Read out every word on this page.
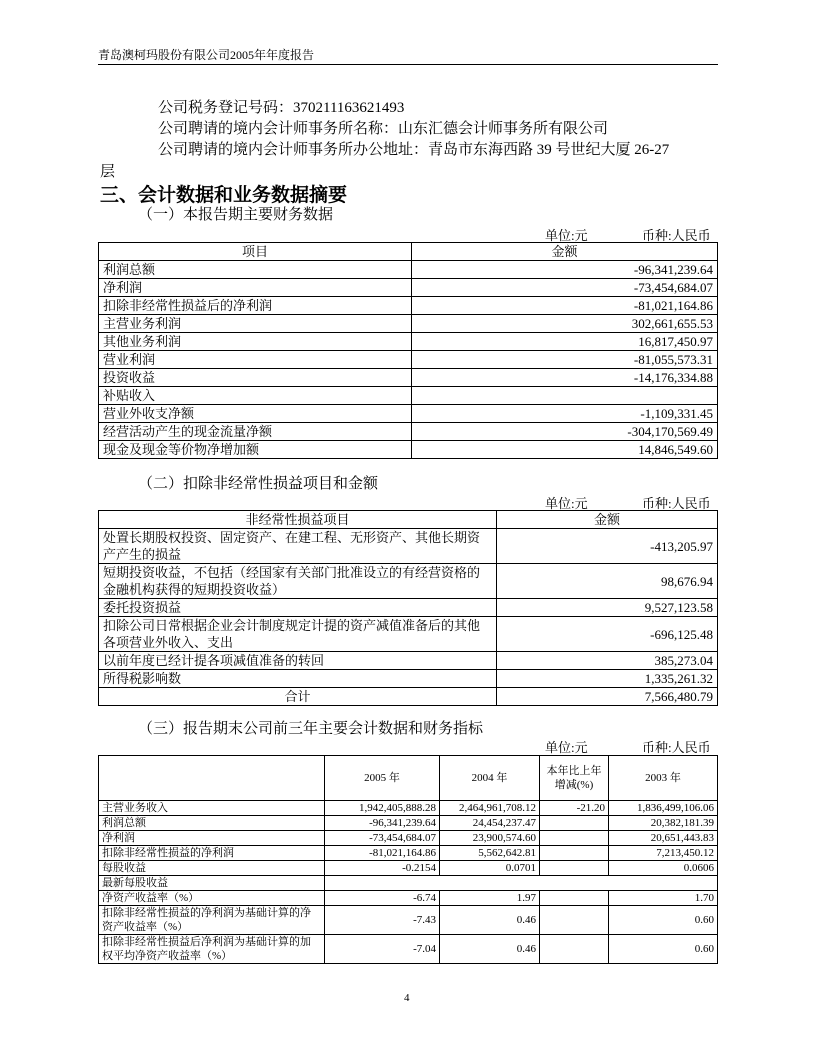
青岛澳柯玛股份有限公司2005年年度报告
公司税务登记号码：370211163621493
公司聘请的境内会计师事务所名称：山东汇德会计师事务所有限公司
公司聘请的境内会计师事务所办公地址：青岛市东海西路 39 号世纪大厦 26-27
层
三、会计数据和业务数据摘要
（一）本报告期主要财务数据
单位:元	币种:人民币
项目	金额
利润总额	-96,341,239.64
净利润	-73,454,684.07
扣除非经常性损益后的净利润	-81,021,164.86
主营业务利润	302,661,655.53
其他业务利润	16,817,450.97
营业利润	-81,055,573.31
投资收益	-14,176,334.88
补贴收入	
营业外收支净额	-1,109,331.45
经营活动产生的现金流量净额	-304,170,569.49
现金及现金等价物净增加额	14,846,549.60
（二）扣除非经常性损益项目和金额
单位:元	币种:人民币
非经常性损益项目	金额
处置长期股权投资、固定资产、在建工程、无形资产、其他长期资产产生的损益	-413,205.97
短期投资收益，不包括（经国家有关部门批准设立的有经营资格的金融机构获得的短期投资收益）	98,676.94
委托投资损益	9,527,123.58
扣除公司日常根据企业会计制度规定计提的资产减值准备后的其他各项营业外收入、支出	-696,125.48
以前年度已经计提各项减值准备的转回	385,273.04
所得税影响数	1,335,261.32
合计	7,566,480.79
（三）报告期末公司前三年主要会计数据和财务指标
单位:元	币种:人民币
	2005 年	2004 年	本年比上年增减(%)	2003 年
主营业务收入	1,942,405,888.28	2,464,961,708.12	-21.20	1,836,499,106.06
利润总额	-96,341,239.64	24,454,237.47		20,382,181.39
净利润	-73,454,684.07	23,900,574.60		20,651,443.83
扣除非经常性损益的净利润	-81,021,164.86	5,562,642.81		7,213,450.12
每股收益	-0.2154	0.0701		0.0606
最新每股收益				
净资产收益率（%）	-6.74	1.97		1.70
扣除非经常性损益的净利润为基础计算的净资产收益率（%）	-7.43	0.46		0.60
扣除非经常性损益后净利润为基础计算的加权平均净资产收益率（%）	-7.04	0.46		0.60
4
